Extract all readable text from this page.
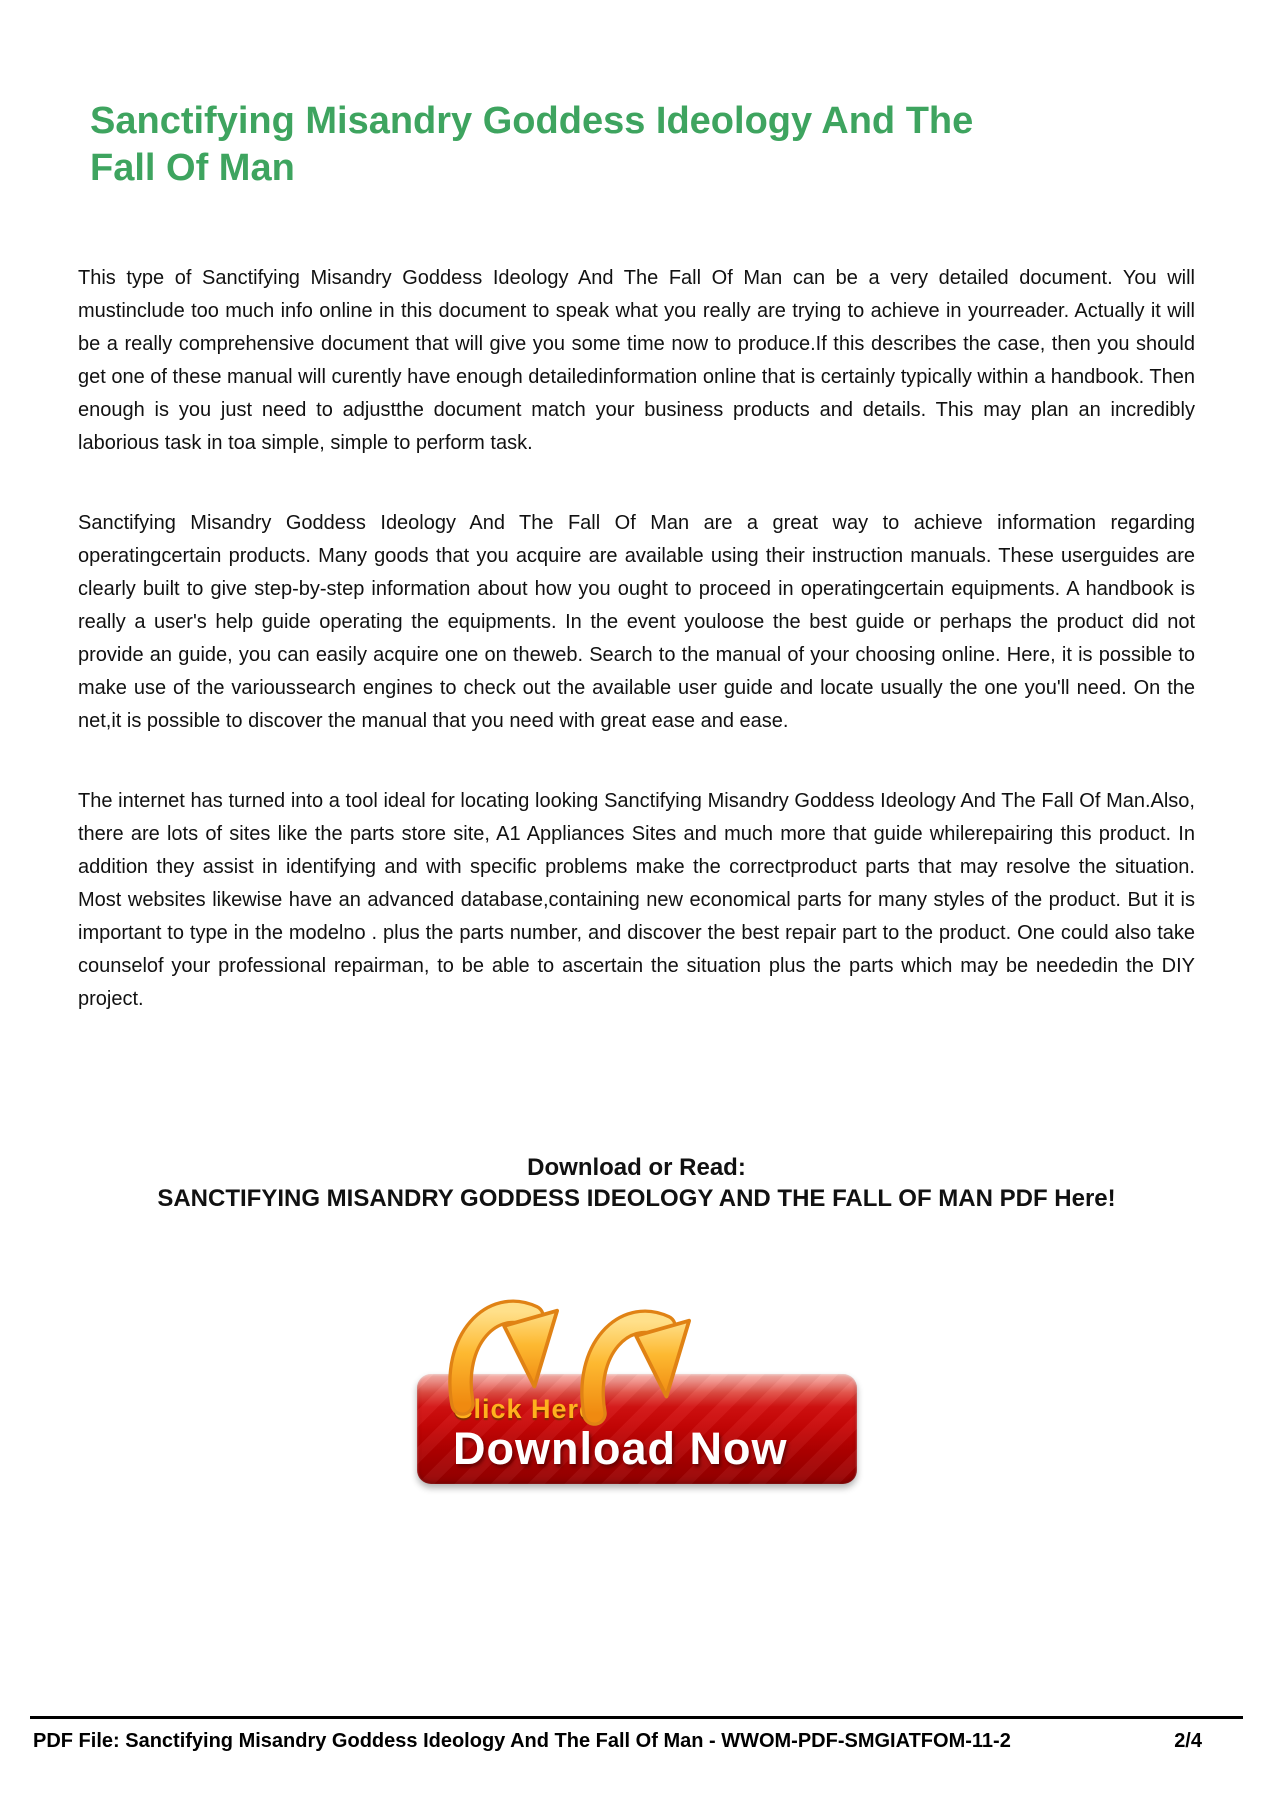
Sanctifying Misandry Goddess Ideology And The Fall Of Man

This type of Sanctifying Misandry Goddess Ideology And The Fall Of Man can be a very detailed document. You will mustinclude too much info online in this document to speak what you really are trying to achieve in yourreader. Actually it will be a really comprehensive document that will give you some time now to produce.If this describes the case, then you should get one of these manual will curently have enough detailedinformation online that is certainly typically within a handbook. Then enough is you just need to adjustthe document match your business products and details. This may plan an incredibly laborious task in toa simple, simple to perform task.

Sanctifying Misandry Goddess Ideology And The Fall Of Man are a great way to achieve information regarding operatingcertain products. Many goods that you acquire are available using their instruction manuals. These userguides are clearly built to give step-by-step information about how you ought to proceed in operatingcertain equipments. A handbook is really a user's help guide operating the equipments. In the event youloose the best guide or perhaps the product did not provide an guide, you can easily acquire one on theweb. Search to the manual of your choosing online. Here, it is possible to make use of the varioussearch engines to check out the available user guide and locate usually the one you'll need. On the net,it is possible to discover the manual that you need with great ease and ease.

The internet has turned into a tool ideal for locating looking Sanctifying Misandry Goddess Ideology And The Fall Of Man.Also, there are lots of sites like the parts store site, A1 Appliances Sites and much more that guide whilerepairing this product. In addition they assist in identifying and with specific problems make the correctproduct parts that may resolve the situation. Most websites likewise have an advanced database,containing new economical parts for many styles of the product. But it is important to type in the modelno . plus the parts number, and discover the best repair part to the product. One could also take counselof your professional repairman, to be able to ascertain the situation plus the parts which may be neededin the DIY project.

Download or Read:
SANCTIFYING MISANDRY GODDESS IDEOLOGY AND THE FALL OF MAN PDF Here!
Click Here
Download Now
PDF File: Sanctifying Misandry Goddess Ideology And The Fall Of Man - WWOM-PDF-SMGIATFOM-11-2	2/4
